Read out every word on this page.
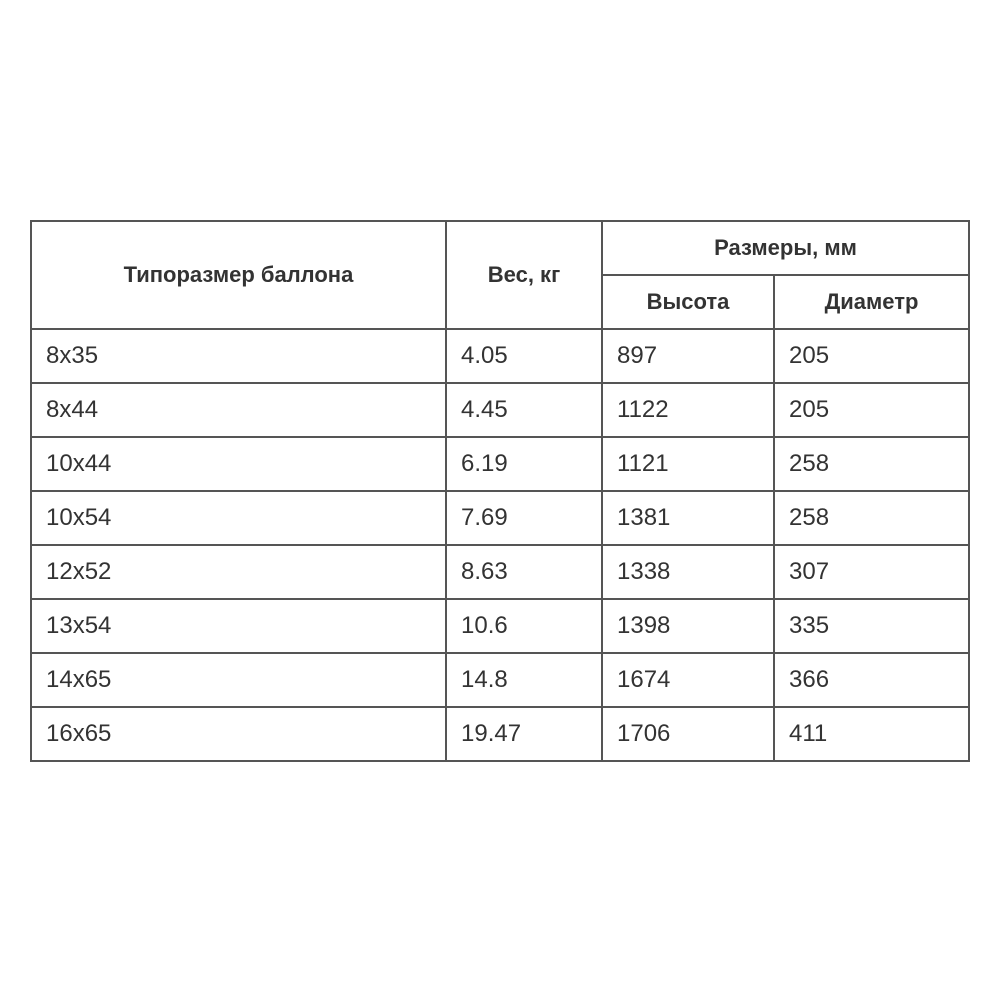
Типоразмер баллона	Вес, кг	Размеры, мм	
		Высота	Диаметр
8x35	4.05	897	205
8x44	4.45	1122	205
10x44	6.19	1121	258
10x54	7.69	1381	258
12x52	8.63	1338	307
13x54	10.6	1398	335
14x65	14.8	1674	366
16x65	19.47	1706	411
